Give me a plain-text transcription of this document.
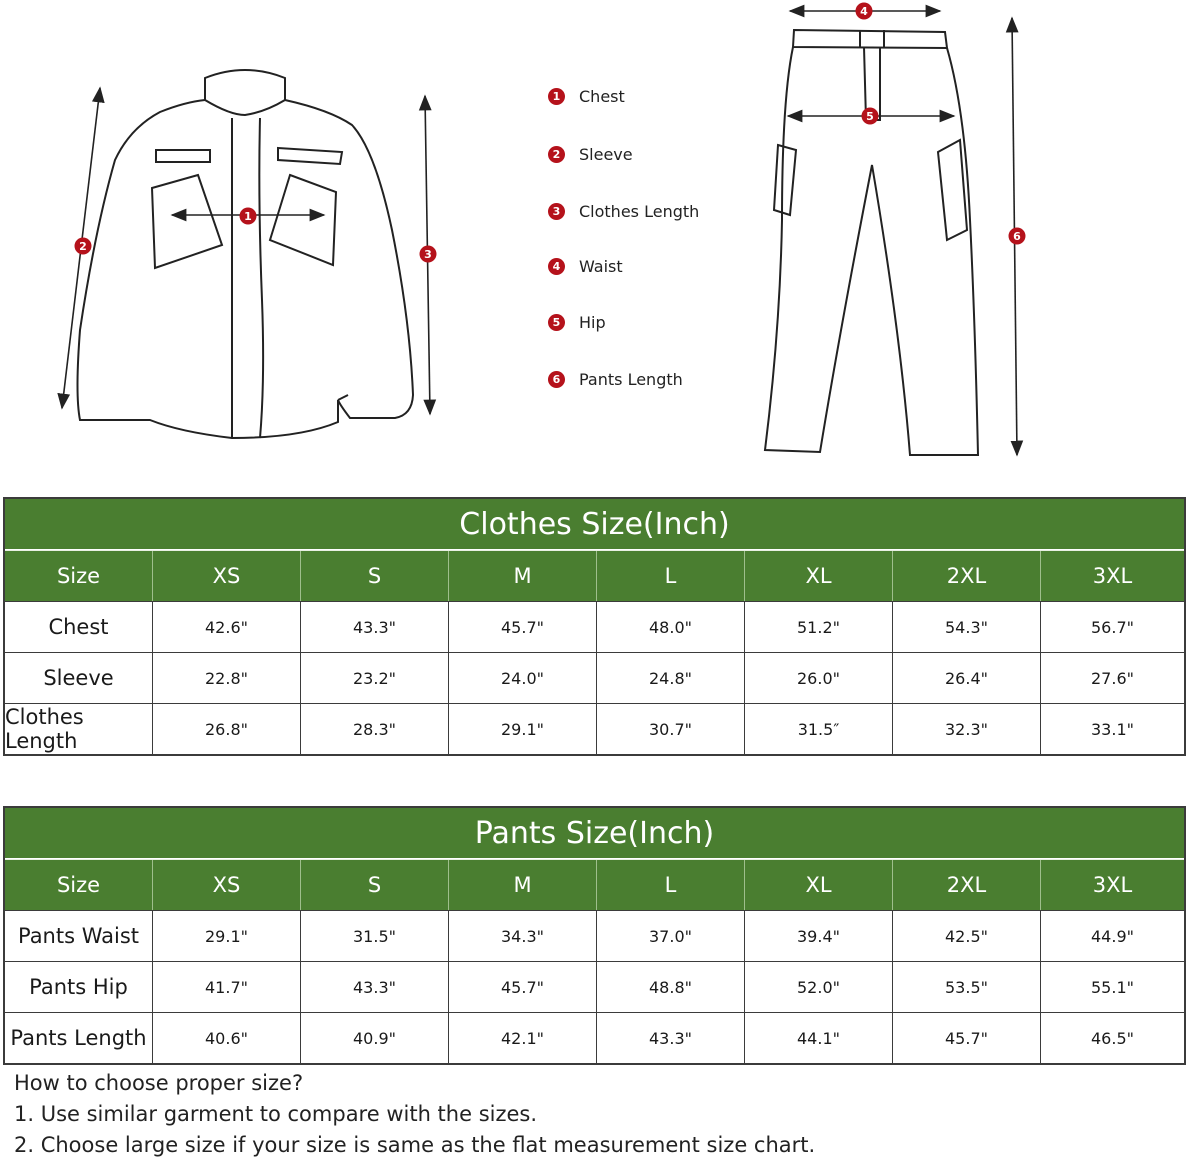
1
2
3
4
5
6
1 Chest
2 Sleeve
3 Clothes Length
4 Waist
5 Hip
6 Pants Length
Clothes Size(Inch)
Size	XS	S	M	L	XL	2XL	3XL
Chest	42.6"	43.3"	45.7"	48.0"	51.2"	54.3"	56.7"
Sleeve	22.8"	23.2"	24.0"	24.8"	26.0"	26.4"	27.6"
Clothes Length	26.8"	28.3"	29.1"	30.7"	31.5″	32.3"	33.1"
Pants Size(Inch)
Size	XS	S	M	L	XL	2XL	3XL
Pants Waist	29.1"	31.5"	34.3"	37.0"	39.4"	42.5"	44.9"
Pants Hip	41.7"	43.3"	45.7"	48.8"	52.0"	53.5"	55.1"
Pants Length	40.6"	40.9"	42.1"	43.3"	44.1"	45.7"	46.5"
How to choose proper size?
1. Use similar garment to compare with the sizes.
2. Choose large size if your size is same as the flat measurement size chart.
